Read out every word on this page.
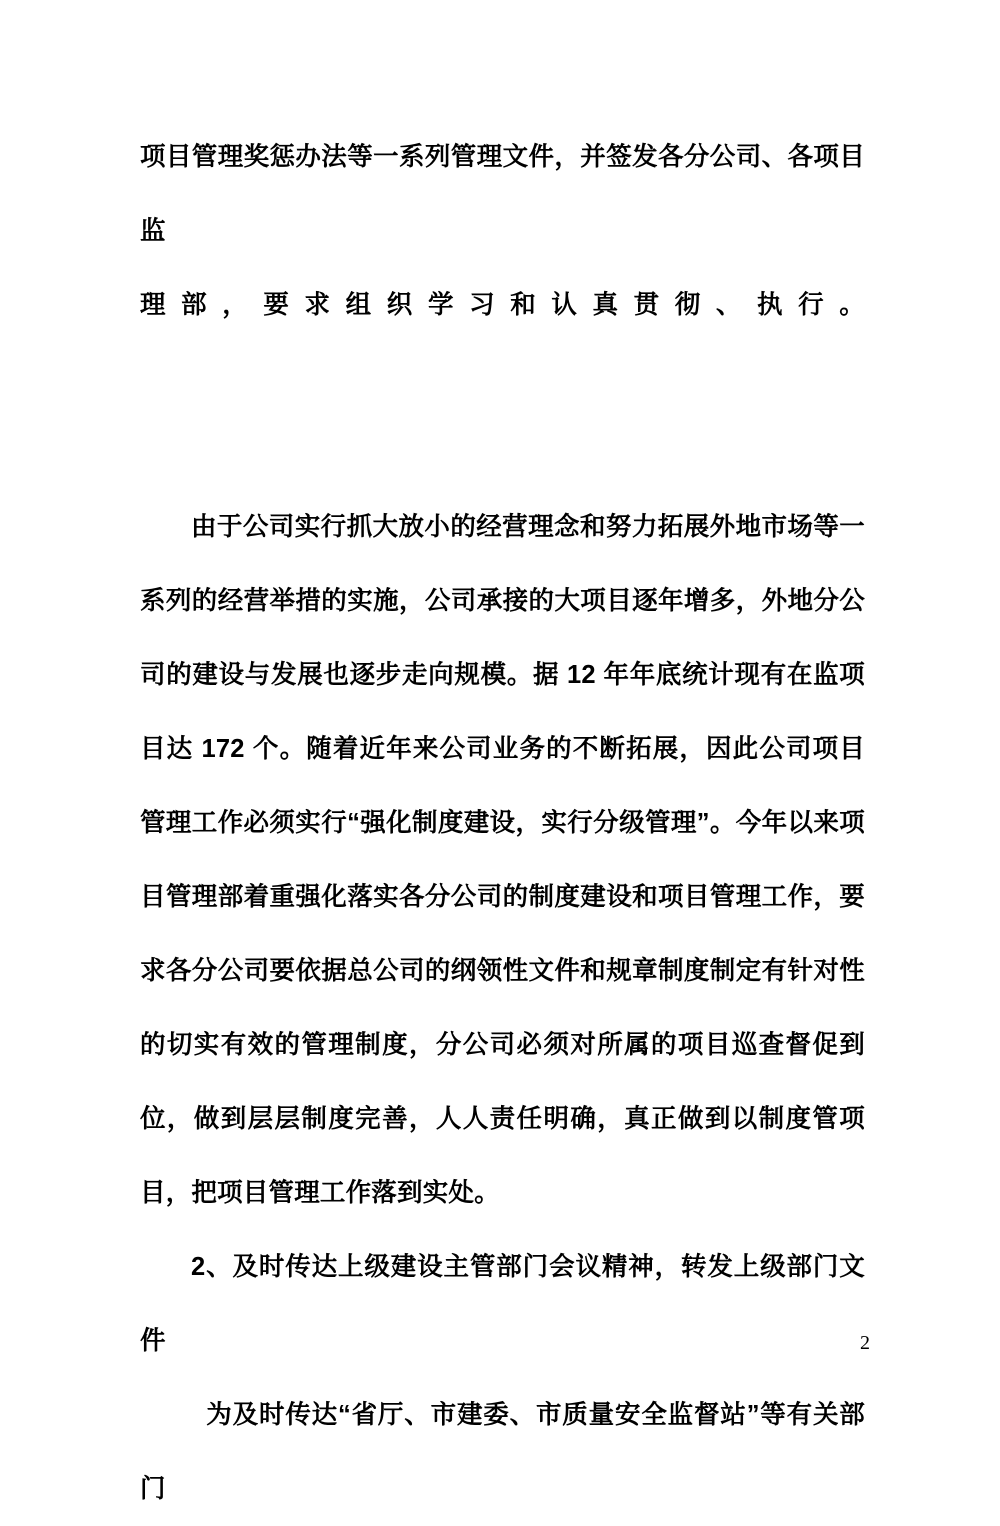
项目管理奖惩办法等一系列管理文件，并签发各分公司、各项目监

理部，要求组织学习和认真贯彻、执行。

由于公司实行抓大放小的经营理念和努力拓展外地市场等一系列的经营举措的实施，公司承接的大项目逐年增多，外地分公司的建设与发展也逐步走向规模。据 12 年年底统计现有在监项目达 172 个。随着近年来公司业务的不断拓展，因此公司项目管理工作必须实行“强化制度建设，实行分级管理”。今年以来项目管理部着重强化落实各分公司的制度建设和项目管理工作，要求各分公司要依据总公司的纲领性文件和规章制度制定有针对性的切实有效的管理制度，分公司必须对所属的项目巡查督促到位，做到层层制度完善，人人责任明确，真正做到以制度管项目，把项目管理工作落到实处。

2、及时传达上级建设主管部门会议精神，转发上级部门文件

为及时传达“省厅、市建委、市质量安全监督站”等有关部门

2
